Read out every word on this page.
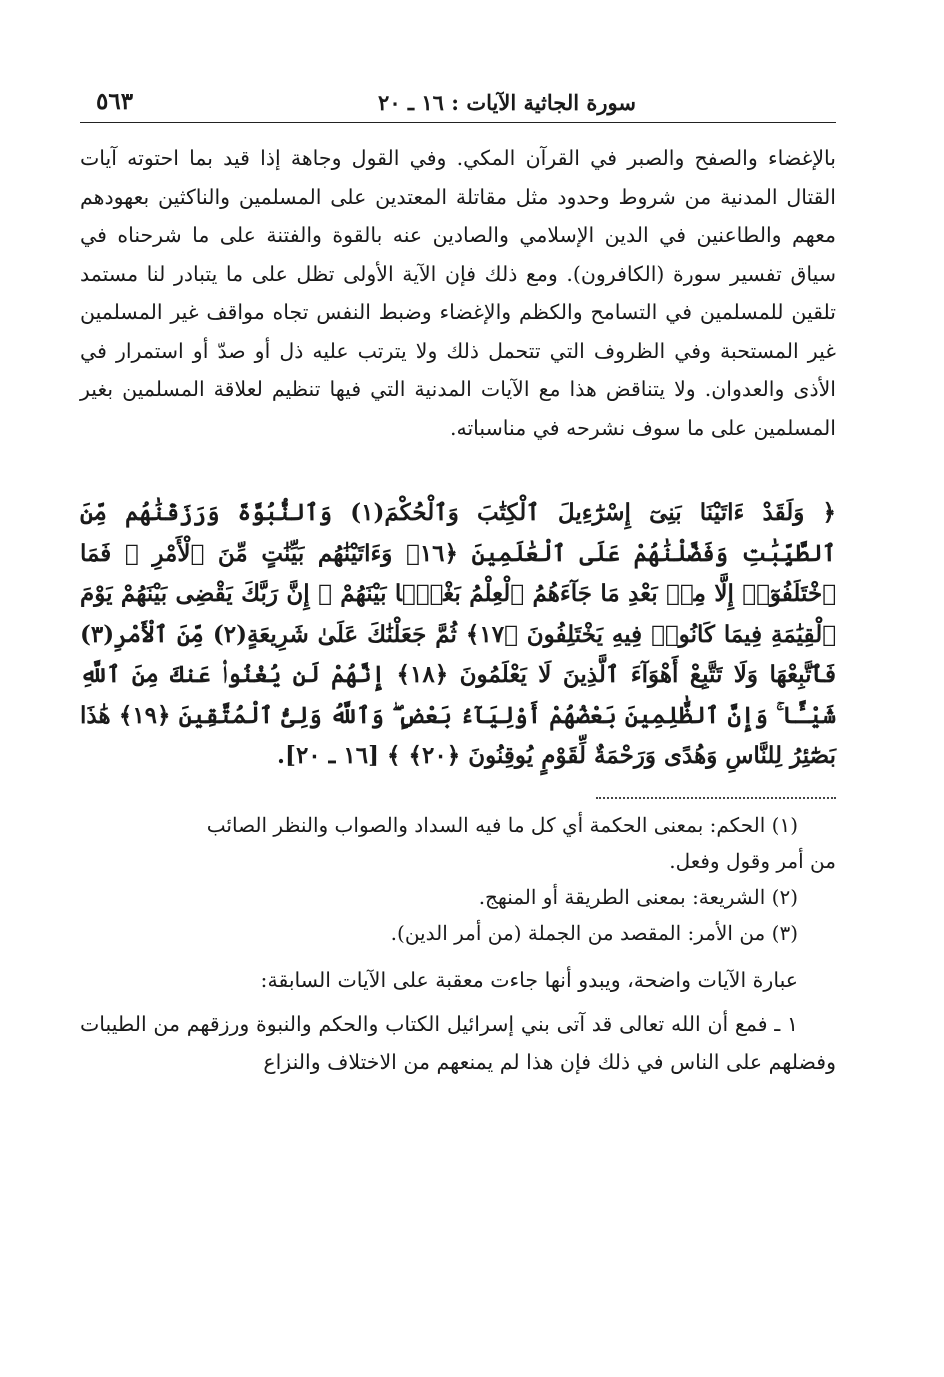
سورة الجاثية الآيات : ١٦ ـ ٢٠
٥٦٣
بالإغضاء والصفح والصبر في القرآن المكي. وفي القول وجاهة إذا قيد بما احتوته آيات القتال المدنية من شروط وحدود مثل مقاتلة المعتدين على المسلمين والناكثين بعهودهم معهم والطاعنين في الدين الإسلامي والصادين عنه بالقوة والفتنة على ما شرحناه في سياق تفسير سورة (الكافرون). ومع ذلك فإن الآية الأولى تظل على ما يتبادر لنا مستمد تلقين للمسلمين في التسامح والكظم والإغضاء وضبط النفس تجاه مواقف غير المسلمين غير المستحبة وفي الظروف التي تتحمل ذلك ولا يترتب عليه ذل أو صدّ أو استمرار في الأذى والعدوان. ولا يتناقض هذا مع الآيات المدنية التي فيها تنظيم لعلاقة المسلمين بغير المسلمين على ما سوف نشرحه في مناسباته.
﴿ وَلَقَدْ ءَاتَيْنَا بَنِىٓ إِسْرَٰٓءِيلَ ٱلْكِتَٰبَ وَٱلْحُكْمَ(١) وَٱلنُّبُوَّةَ وَرَزَقْنَٰهُم مِّنَ ٱلطَّيِّبَٰتِ وَفَضَّلْنَٰهُمْ عَلَى ٱلْعَٰلَمِينَ ﴿١٦﴾ وَءَاتَيْنَٰهُم بَيِّنَٰتٍ مِّنَ ٱلْأَمْرِ ۖ فَمَا ٱخْتَلَفُوٓا۟ إِلَّا مِنۢ بَعْدِ مَا جَآءَهُمُ ٱلْعِلْمُ بَغْيًۢا بَيْنَهُمْ ۚ إِنَّ رَبَّكَ يَقْضِى بَيْنَهُمْ يَوْمَ ٱلْقِيَٰمَةِ فِيمَا كَانُوا۟ فِيهِ يَخْتَلِفُونَ ﴿١٧﴾ ثُمَّ جَعَلْنَٰكَ عَلَىٰ شَرِيعَةٍ(٢) مِّنَ ٱلْأَمْرِ(٣) فَٱتَّبِعْهَا وَلَا تَتَّبِعْ أَهْوَآءَ ٱلَّذِينَ لَا يَعْلَمُونَ ﴿١٨﴾ إِنَّهُمْ لَن يُغْنُوا۟ عَنكَ مِنَ ٱللَّهِ شَيْـًٔا ۚ وَإِنَّ ٱلظَّٰلِمِينَ بَعْضُهُمْ أَوْلِيَآءُ بَعْضٍ ۖ وَٱللَّهُ وَلِىُّ ٱلْمُتَّقِينَ ﴿١٩﴾ هَٰذَا بَصَٰٓئِرُ لِلنَّاسِ وَهُدًى وَرَحْمَةٌ لِّقَوْمٍ يُوقِنُونَ ﴿٢٠﴾ ﴾ [١٦ ـ ٢٠].
(١) الحكم: بمعنى الحكمة أي كل ما فيه السداد والصواب والنظر الصائب
من أمر وقول وفعل.
(٢) الشريعة: بمعنى الطريقة أو المنهج.
(٣) من الأمر: المقصد من الجملة (من أمر الدين).
عبارة الآيات واضحة، ويبدو أنها جاءت معقبة على الآيات السابقة:
١ ـ فمع أن الله تعالى قد آتى بني إسرائيل الكتاب والحكم والنبوة ورزقهم من الطيبات وفضلهم على الناس في ذلك فإن هذا لم يمنعهم من الاختلاف والنزاع
